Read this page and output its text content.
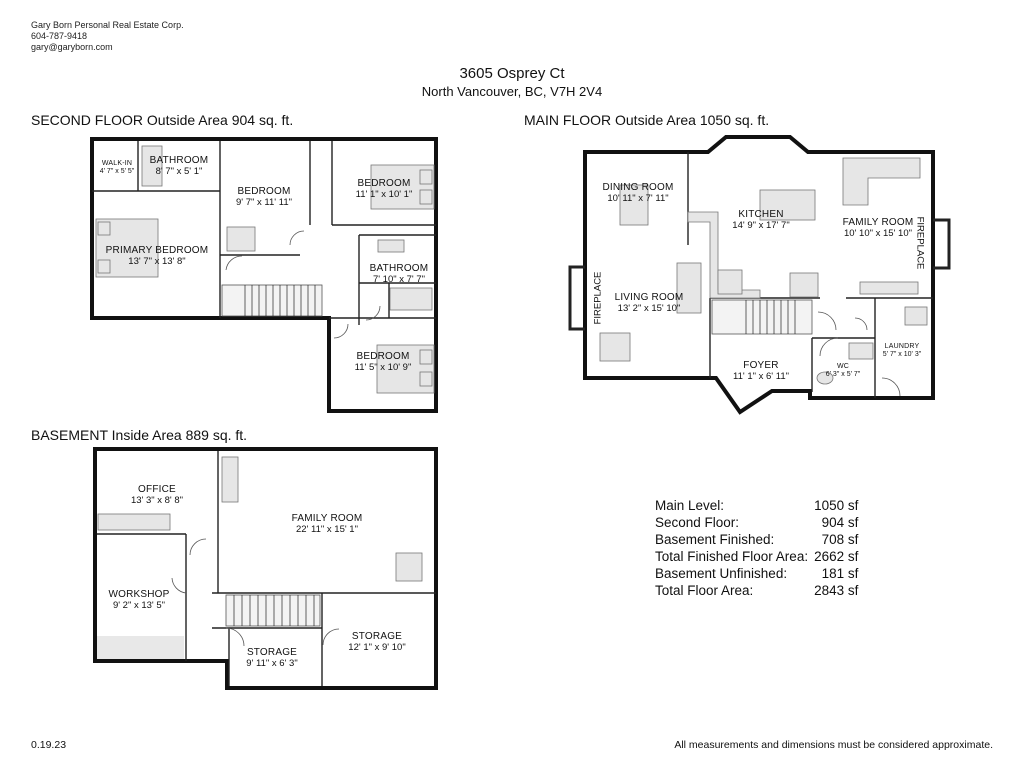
Gary Born Personal Real Estate Corp.
604-787-9418
gary@garyborn.com
3605 Osprey Ct
North Vancouver, BC, V7H 2V4
SECOND FLOOR Outside Area 904 sq. ft.	MAIN FLOOR Outside Area 1050 sq. ft.
BASEMENT Inside Area 889 sq. ft.
WALK-IN
4' 7" x 5' 5"
BATHROOM
8' 7" x 5' 1"
BEDROOM
9' 7" x 11' 11"
BEDROOM
11' 1" x 10' 1"
PRIMARY BEDROOM
13' 7" x 13' 8"
BATHROOM
7' 10" x 7' 7"
BEDROOM
11' 5" x 10' 9"
DINING ROOM
10' 11" x 7' 11"
KITCHEN
14' 9" x 17' 7"	FAMILY ROOM
10' 10" x 15' 10"
LIVING ROOM
13' 2" x 15' 10"
FOYER
11' 1" x 6' 11"
WC
6' 3" x 5' 7"
LAUNDRY
5' 7" x 10' 3"
FIREPLACE
FIREPLACE
OFFICE
13' 3" x 8' 8"
FAMILY ROOM
22' 11" x 15' 1"
WORKSHOP
9' 2" x 13' 5"
STORAGE
12' 1" x 9' 10"
STORAGE
9' 11" x 6' 3"
Main Level:	1050 sf
Second Floor:	904 sf
Basement Finished:	708 sf
Total Finished Floor Area:	2662 sf
Basement Unfinished:	181 sf
Total Floor Area:	2843 sf
0.19.23	All measurements and dimensions must be considered approximate.
